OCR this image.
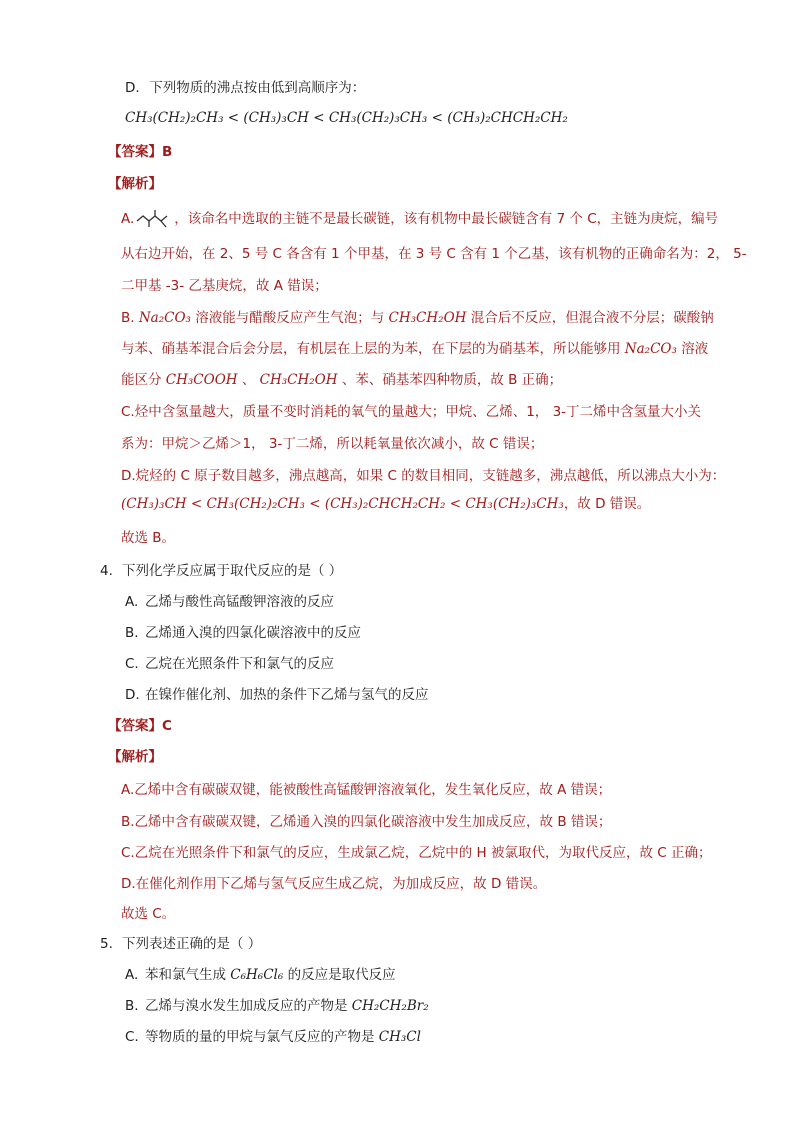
D. 下列物质的沸点按由低到高顺序为：
CH₃(CH₂)₂CH₃ < (CH₃)₃CH < CH₃(CH₂)₃CH₃ < (CH₃)₂CHCH₂CH₂
【答案】B
【解析】
A.	，该命名中选取的主链不是最长碳链，该有机物中最长碳链含有 7 个 C，主链为庚烷，编号
从右边开始，在 2、5 号 C 各含有 1 个甲基，在 3 号 C 含有 1 个乙基，该有机物的正确命名为：2， 5-
二甲基 -3- 乙基庚烷，故 A 错误；
B. Na₂CO₃ 溶液能与醋酸反应产生气泡；与 CH₃CH₂OH 混合后不反应，但混合液不分层；碳酸钠
与苯、硝基苯混合后会分层，有机层在上层的为苯，在下层的为硝基苯，所以能够用 Na₂CO₃ 溶液
能区分 CH₃COOH 、 CH₃CH₂OH 、苯、硝基苯四种物质，故 B 正确；
C.烃中含氢量越大，质量不变时消耗的氧气的量越大；甲烷、乙烯、1， 3-丁二烯中含氢量大小关
系为：甲烷＞乙烯＞1， 3-丁二烯，所以耗氧量依次减小，故 C 错误；
D.烷烃的 C 原子数目越多，沸点越高，如果 C 的数目相同，支链越多，沸点越低，所以沸点大小为：
(CH₃)₃CH < CH₃(CH₂)₂CH₃ < (CH₃)₂CHCH₂CH₂ < CH₃(CH₂)₃CH₃，故 D 错误。
故选 B。
4. 下列化学反应属于取代反应的是（ ）
A. 乙烯与酸性高锰酸钾溶液的反应
B. 乙烯通入溴的四氯化碳溶液中的反应
C. 乙烷在光照条件下和氯气的反应
D. 在镍作催化剂、加热的条件下乙烯与氢气的反应
【答案】C
【解析】
A.乙烯中含有碳碳双键，能被酸性高锰酸钾溶液氧化，发生氧化反应，故 A 错误；
B.乙烯中含有碳碳双键，乙烯通入溴的四氯化碳溶液中发生加成反应，故 B 错误；
C.乙烷在光照条件下和氯气的反应，生成氯乙烷，乙烷中的 H 被氯取代，为取代反应，故 C 正确；
D.在催化剂作用下乙烯与氢气反应生成乙烷，为加成反应，故 D 错误。
故选 C。
5. 下列表述正确的是（ ）
A. 苯和氯气生成 C₆H₆Cl₆ 的反应是取代反应
B. 乙烯与溴水发生加成反应的产物是 CH₂CH₂Br₂
C. 等物质的量的甲烷与氯气反应的产物是 CH₃Cl
